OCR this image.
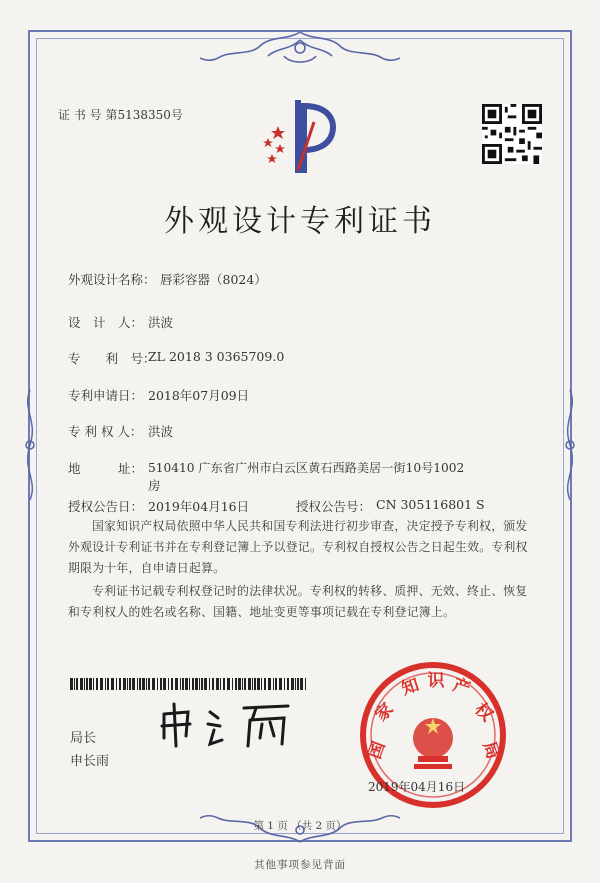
证 书 号 第5138350号
外观设计专利证书
外观设计名称： 唇彩容器（8024）
设　计　人： 洪波
专　　利　号：
ZL 2018 3 0365709.0
专利申请日： 2018年07月09日
专 利 权 人： 洪波
地　　　址： 510410 广东省广州市白云区黄石西路美居一街10号1002
房
授权公告日： 2019年04月16日	授权公告号： CN 305116801 S
国家知识产权局依照中华人民共和国专利法进行初步审查，决定授予专利权，颁发外观设计专利证书并在专利登记簿上予以登记。专利权自授权公告之日起生效。专利权期限为十年，自申请日起算。
专利证书记载专利权登记时的法律状况。专利权的转移、质押、无效、终止、恢复和专利权人的姓名或名称、国籍、地址变更等事项记载在专利登记簿上。
局长
申长雨	国
家
知 识 产
权
局
2019年04月16日
第 1 页 （共 2 页）
其他事项参见背面
